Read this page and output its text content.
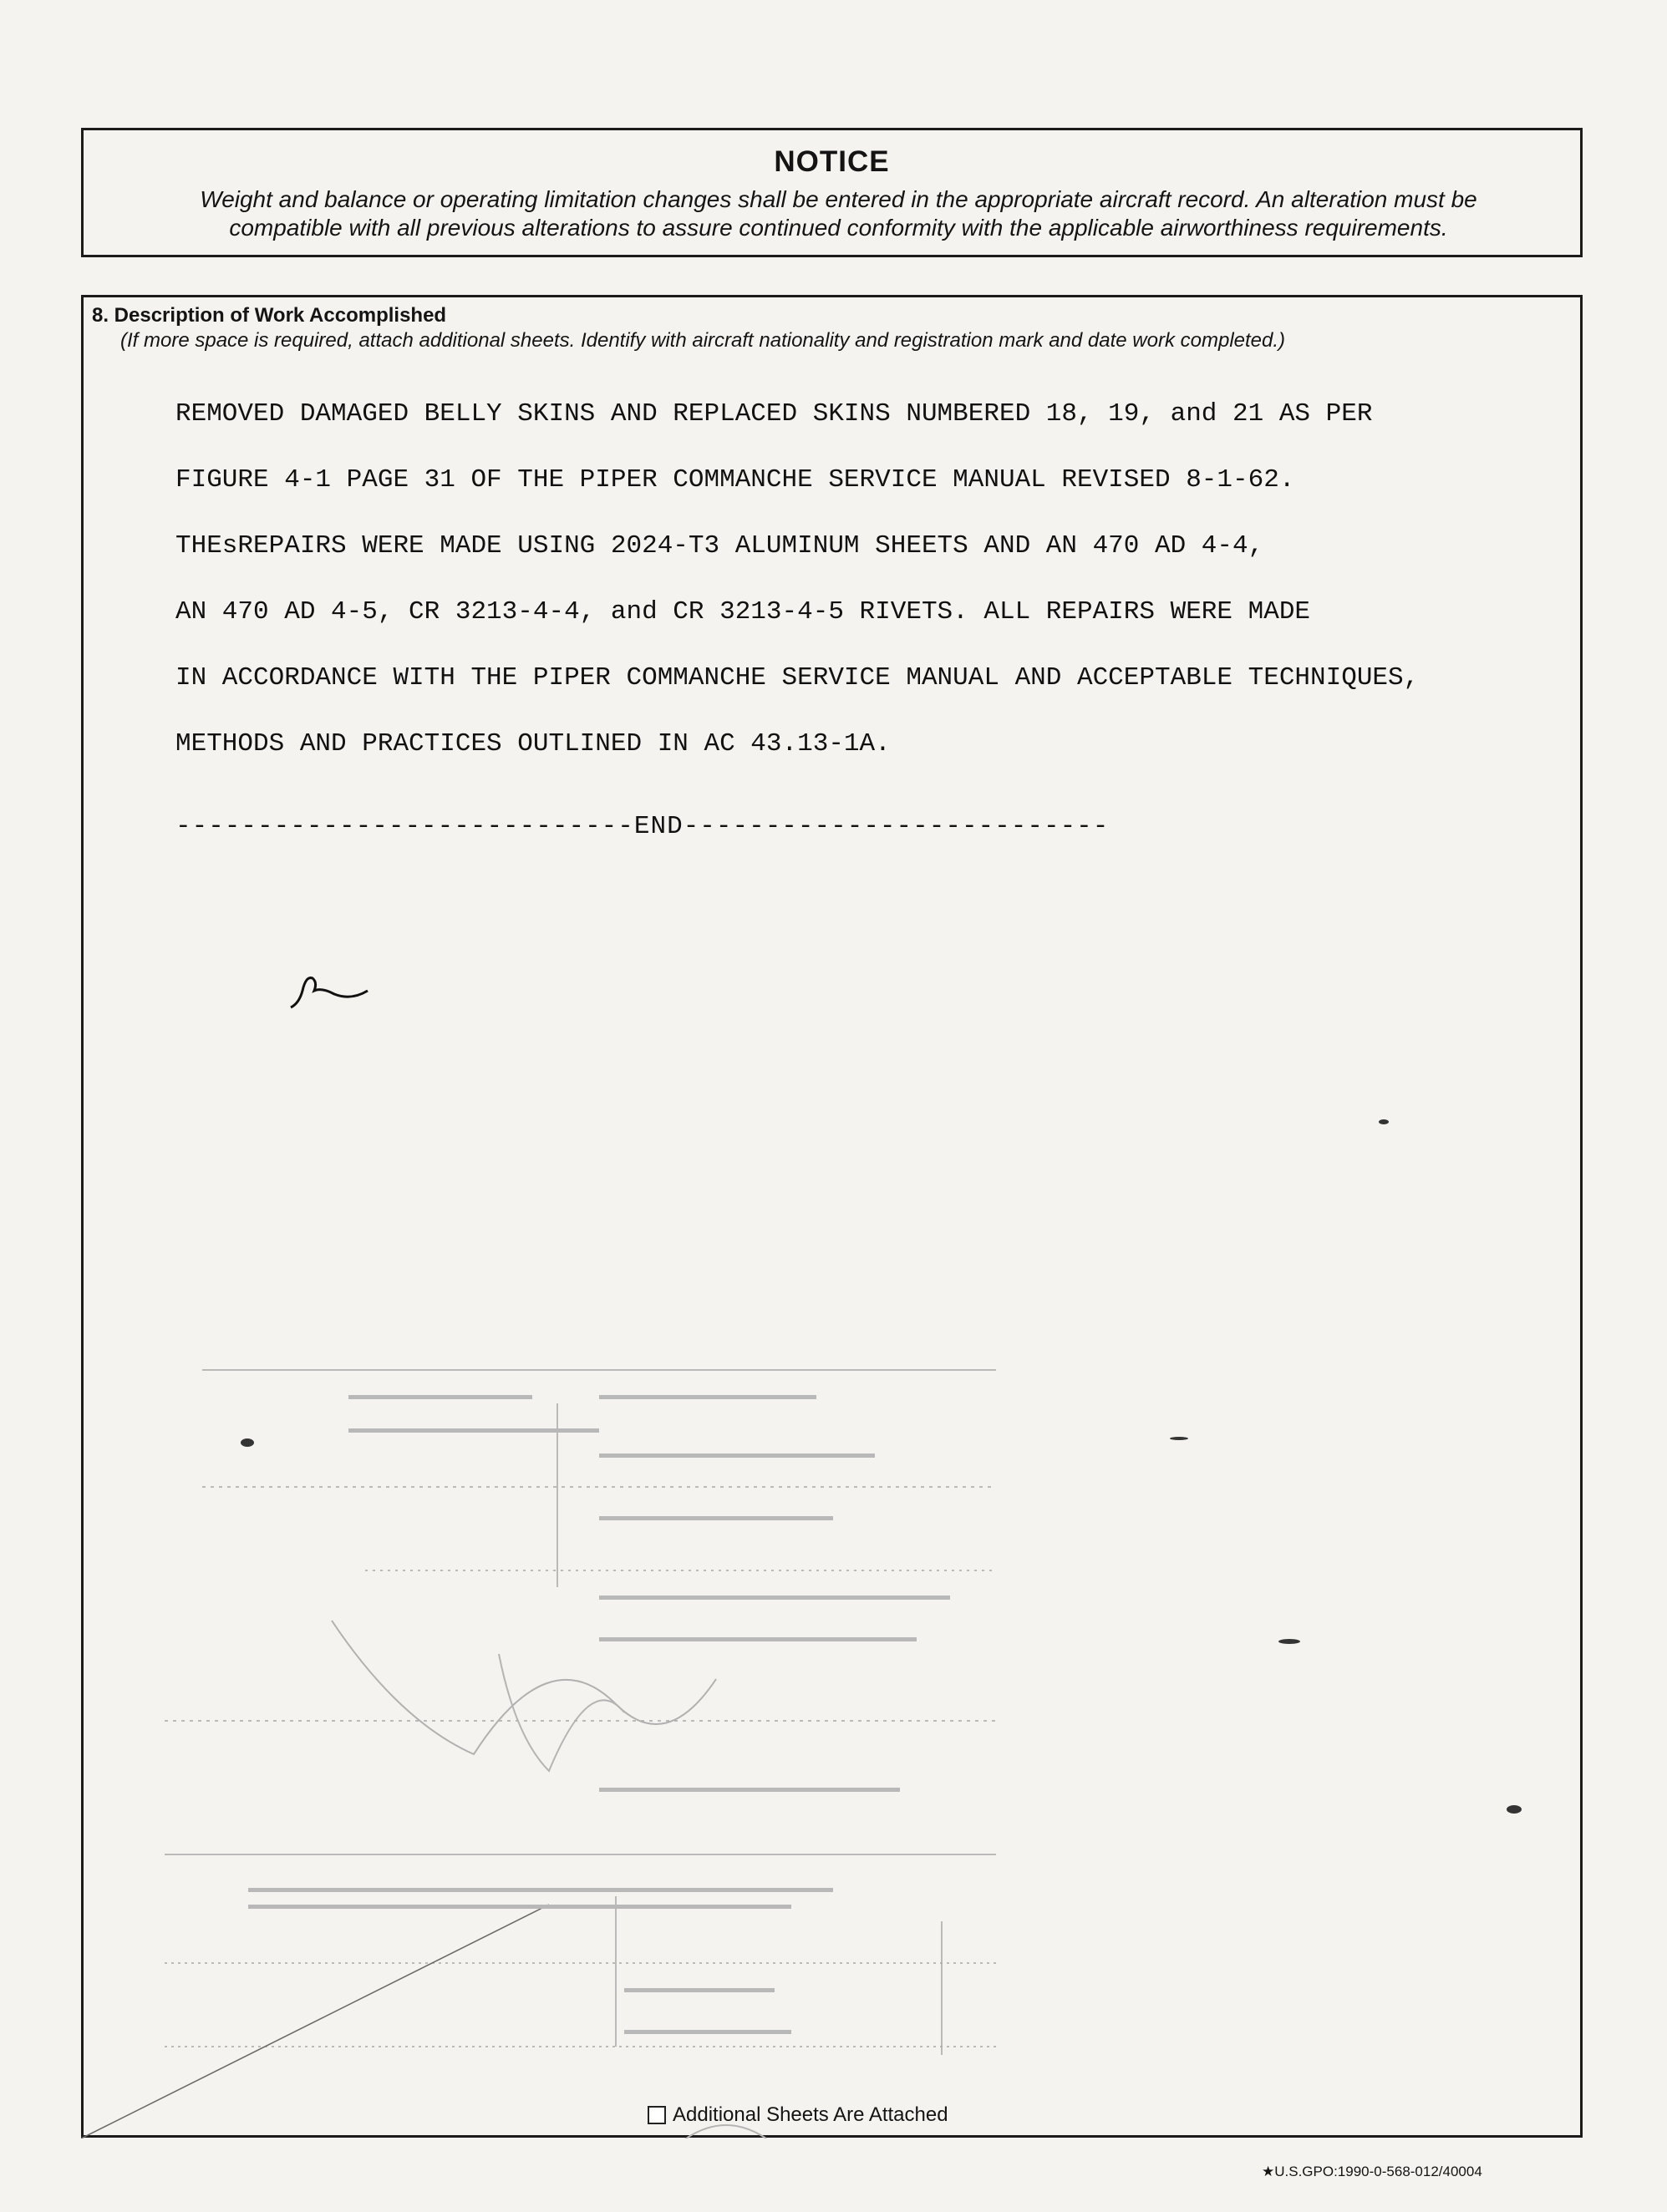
NOTICE
Weight and balance or operating limitation changes shall be entered in the appropriate aircraft record. An alteration must be
compatible with all previous alterations to assure continued conformity with the applicable airworthiness requirements.
8. Description of Work Accomplished
(If more space is required, attach additional sheets. Identify with aircraft nationality and registration mark and date work completed.)
REMOVED DAMAGED BELLY SKINS AND REPLACED SKINS NUMBERED 18, 19, and 21 AS PER
FIGURE 4-1 PAGE 31 OF THE PIPER COMMANCHE SERVICE MANUAL REVISED 8-1-62.
THEsREPAIRS WERE MADE USING 2024-T3 ALUMINUM SHEETS AND AN 470 AD 4-4,
AN 470 AD 4-5, CR 3213-4-4, and CR 3213-4-5 RIVETS. ALL REPAIRS WERE MADE
IN ACCORDANCE WITH THE PIPER COMMANCHE SERVICE MANUAL AND ACCEPTABLE TECHNIQUES,
METHODS AND PRACTICES OUTLINED IN AC 43.13-1A.
----------------------------END--------------------------
Additional Sheets Are Attached
★U.S.GPO:1990-0-568-012/40004
